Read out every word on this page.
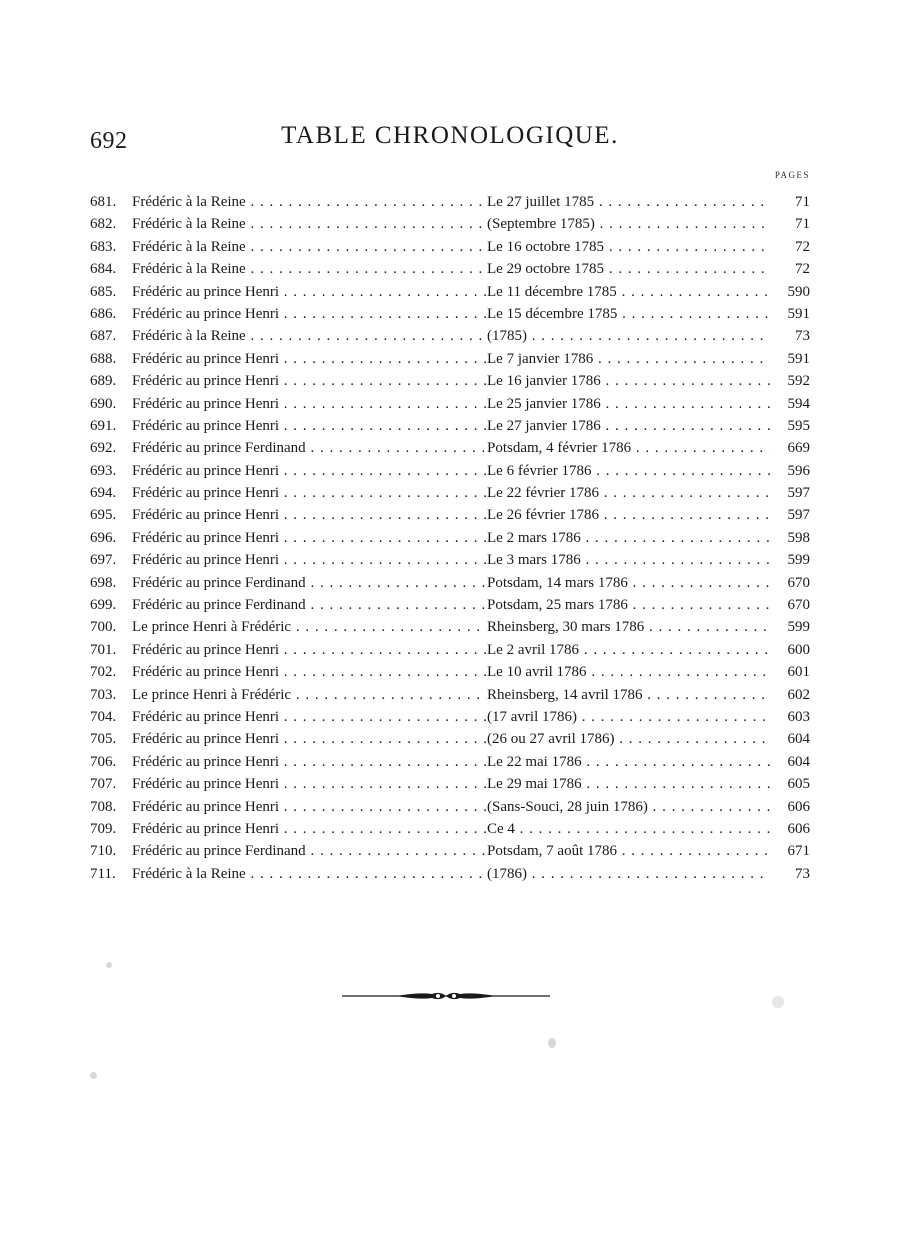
692	TABLE CHRONOLOGIQUE.
PAGES
681.	Frédéric à la Reine . . .	Le 27 juillet 1785 . . .	71
682.	Frédéric à la Reine . . .	(Septembre 1785) . . .	71
683.	Frédéric à la Reine . . .	Le 16 octobre 1785 . . .	72
684.	Frédéric à la Reine . . .	Le 29 octobre 1785 . . .	72
685.	Frédéric au prince Henri . . .	Le 11 décembre 1785 . . .	590
686.	Frédéric au prince Henri . . .	Le 15 décembre 1785 . . .	591
687.	Frédéric à la Reine . . .	(1785) . . .	73
688.	Frédéric au prince Henri . . .	Le 7 janvier 1786 . . .	591
689.	Frédéric au prince Henri . . .	Le 16 janvier 1786 . . .	592
690.	Frédéric au prince Henri . . .	Le 25 janvier 1786 . . .	594
691.	Frédéric au prince Henri . . .	Le 27 janvier 1786 . . .	595
692.	Frédéric au prince Ferdinand . . .	Potsdam, 4 février 1786 . . .	669
693.	Frédéric au prince Henri . . .	Le 6 février 1786 . . .	596
694.	Frédéric au prince Henri . . .	Le 22 février 1786 . . .	597
695.	Frédéric au prince Henri . . .	Le 26 février 1786 . . .	597
696.	Frédéric au prince Henri . . .	Le 2 mars 1786 . . .	598
697.	Frédéric au prince Henri . . .	Le 3 mars 1786 . . .	599
698.	Frédéric au prince Ferdinand . . .	Potsdam, 14 mars 1786 . . .	670
699.	Frédéric au prince Ferdinand . . .	Potsdam, 25 mars 1786 . . .	670
700.	Le prince Henri à Frédéric . . .	Rheinsberg, 30 mars 1786 . . .	599
701.	Frédéric au prince Henri . . .	Le 2 avril 1786 . . .	600
702.	Frédéric au prince Henri . . .	Le 10 avril 1786 . . .	601
703.	Le prince Henri à Frédéric . . .	Rheinsberg, 14 avril 1786 . . .	602
704.	Frédéric au prince Henri . . .	(17 avril 1786) . . .	603
705.	Frédéric au prince Henri . . .	(26 ou 27 avril 1786) . . .	604
706.	Frédéric au prince Henri . . .	Le 22 mai 1786 . . .	604
707.	Frédéric au prince Henri . . .	Le 29 mai 1786 . . .	605
708.	Frédéric au prince Henri . . .	(Sans-Souci, 28 juin 1786) . . .	606
709.	Frédéric au prince Henri . . .	Ce 4 . . .	606
710.	Frédéric au prince Ferdinand . . .	Potsdam, 7 août 1786 . . .	671
711.	Frédéric à la Reine . . .	(1786) . . .	73
